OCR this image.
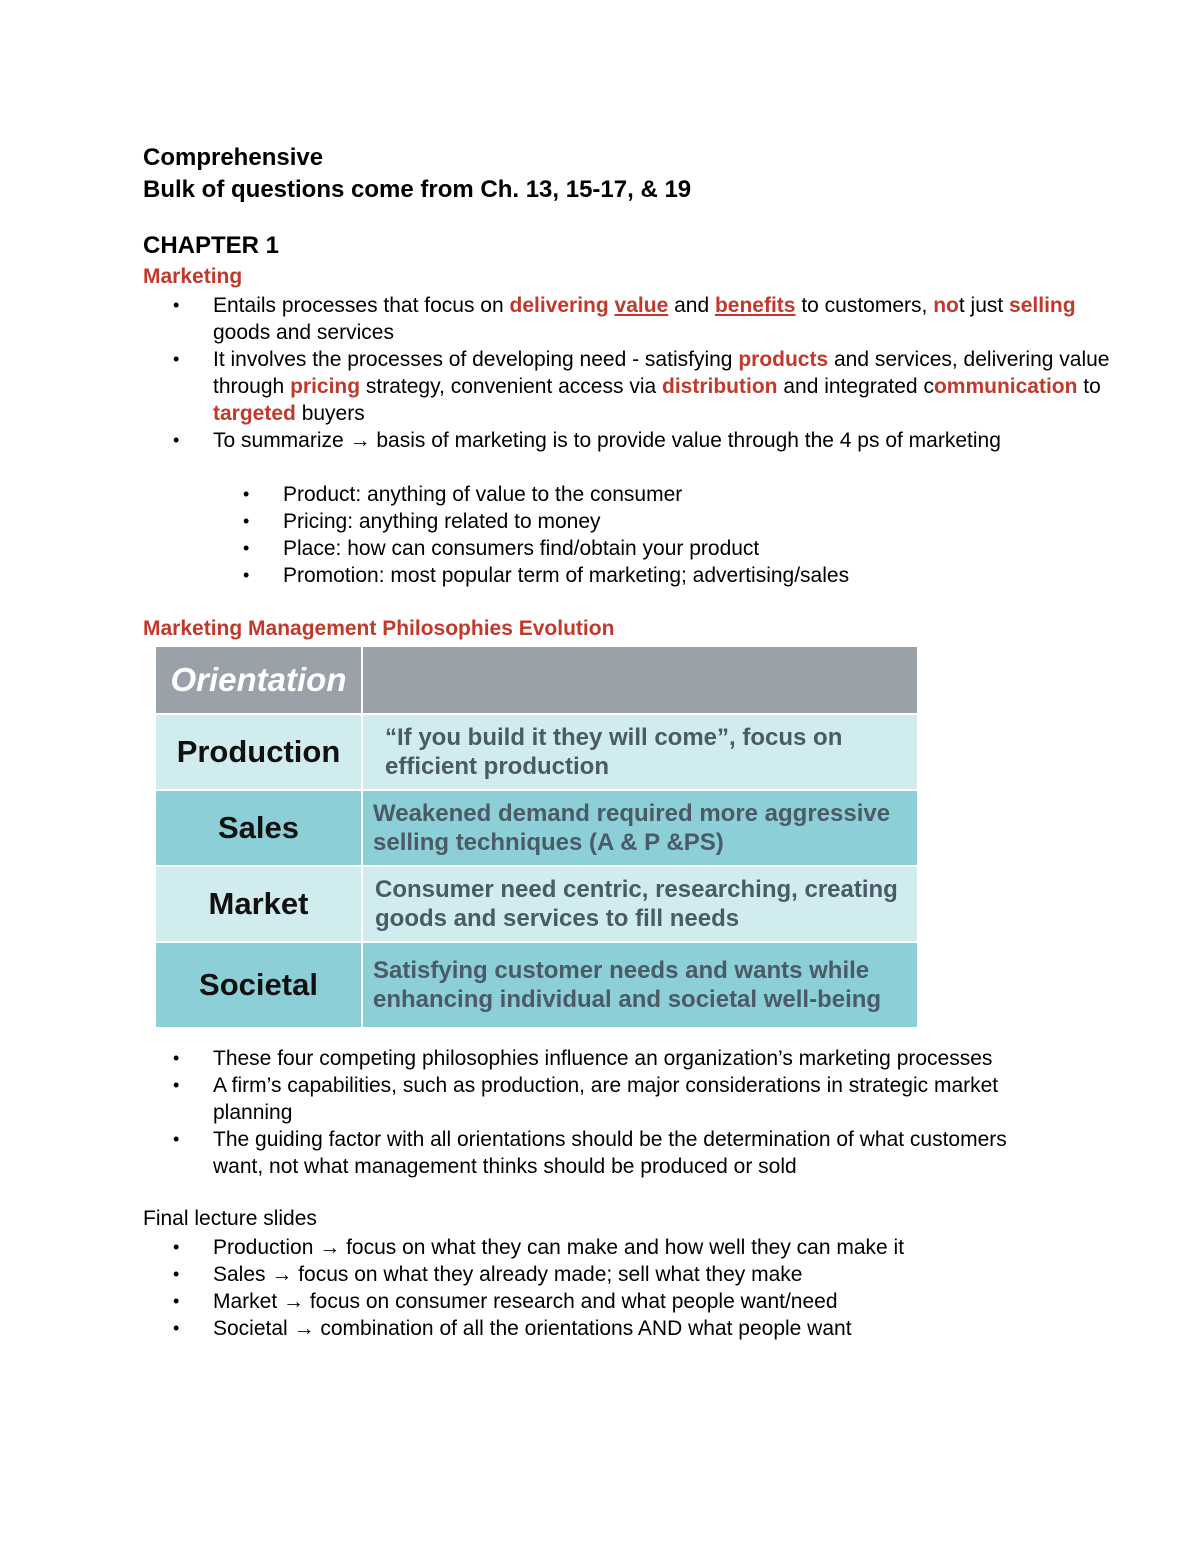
Comprehensive
Bulk of questions come from Ch. 13, 15-17, & 19
CHAPTER 1
Marketing
• Entails processes that focus on delivering value and benefits to customers, not just selling goods and services
• It involves the processes of developing need - satisfying products and services, delivering value through pricing strategy, convenient access via distribution and integrated communication to targeted buyers
• To summarize → basis of marketing is to provide value through the 4 ps of marketing
• Product: anything of value to the consumer
• Pricing: anything related to money
• Place: how can consumers find/obtain your product
• Promotion: most popular term of marketing; advertising/sales
Marketing Management Philosophies Evolution
Orientation	
Production	“If you build it they will come”, focus on efficient production
Sales	Weakened demand required more aggressive selling techniques (A & P &PS)
Market	Consumer need centric, researching, creating goods and services to fill needs
Societal	Satisfying customer needs and wants while enhancing individual and societal well-being
• These four competing philosophies influence an organization’s marketing processes
• A firm’s capabilities, such as production, are major considerations in strategic market planning
• The guiding factor with all orientations should be the determination of what customers want, not what management thinks should be produced or sold
Final lecture slides
• Production → focus on what they can make and how well they can make it
• Sales → focus on what they already made; sell what they make
• Market → focus on consumer research and what people want/need
• Societal → combination of all the orientations AND what people want
